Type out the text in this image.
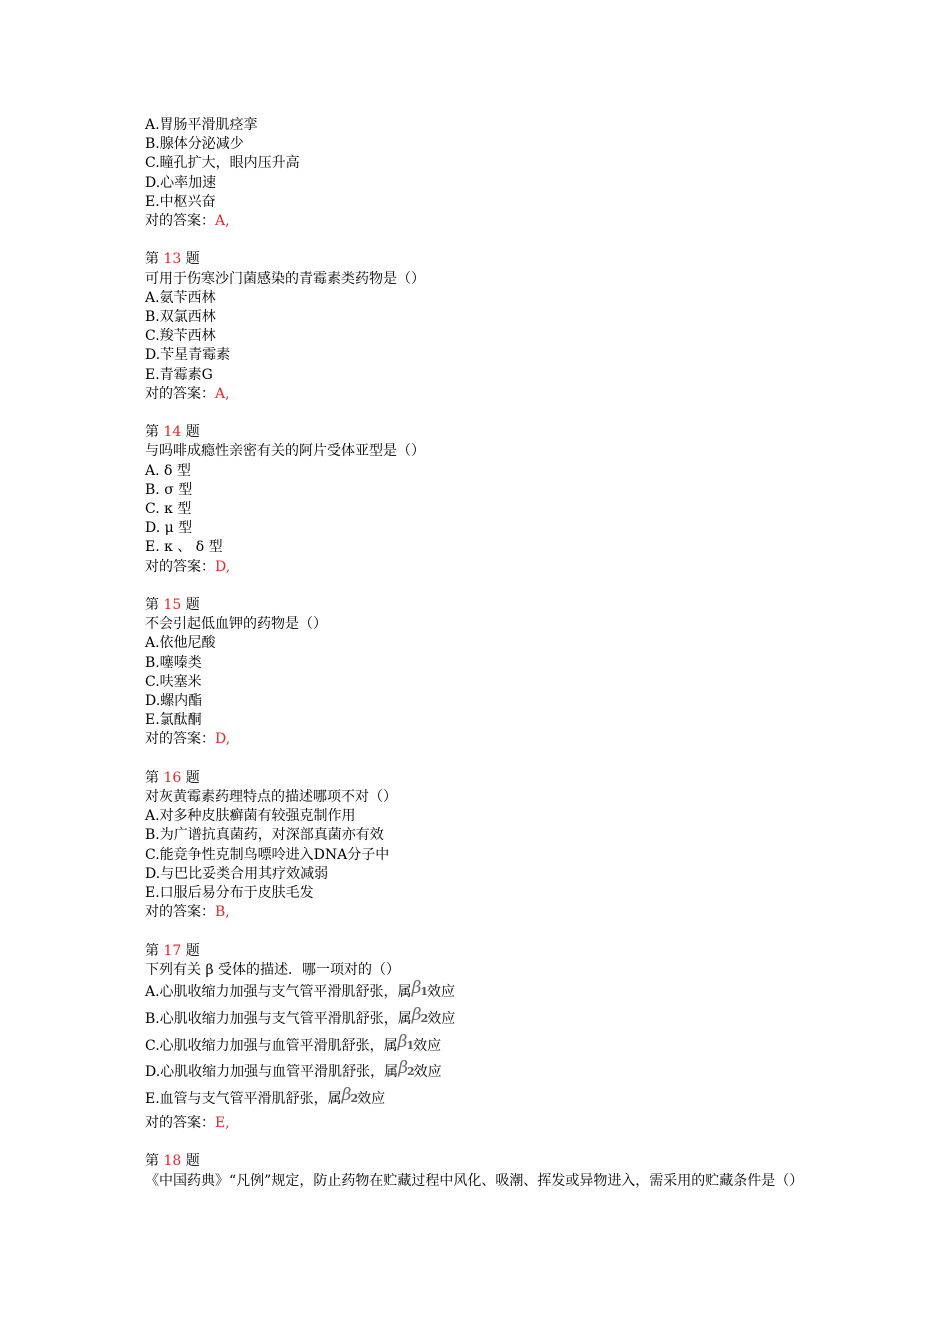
A.胃肠平滑肌痉挛
B.腺体分泌减少
C.瞳孔扩大，眼内压升高
D.心率加速
E.中枢兴奋
对的答案：A,
第 13 题
可用于伤寒沙门菌感染的青霉素类药物是（）
A.氨苄西林
B.双氯西林
C.羧苄西林
D.苄星青霉素
E.青霉素G
对的答案：A,
第 14 题
与吗啡成瘾性亲密有关的阿片受体亚型是（）
A. δ 型
B. σ 型
C. κ 型
D. μ 型
E. κ 、 δ 型
对的答案：D,
第 15 题
不会引起低血钾的药物是（）
A.依他尼酸
B.噻嗪类
C.呋塞米
D.螺内酯
E.氯酞酮
对的答案：D,
第 16 题
对灰黄霉素药理特点的描述哪项不对（）
A.对多种皮肤癣菌有较强克制作用
B.为广谱抗真菌药，对深部真菌亦有效
C.能竞争性克制鸟嘌呤进入DNA分子中
D.与巴比妥类合用其疗效减弱
E.口服后易分布于皮肤毛发
对的答案：B,
第 17 题
下列有关 β 受体的描述．哪一项对的（）
A.心肌收缩力加强与支气管平滑肌舒张，属$\beta_1$效应
B.心肌收缩力加强与支气管平滑肌舒张，属$\beta_2$效应
C.心肌收缩力加强与血管平滑肌舒张，属$\beta_1$效应
D.心肌收缩力加强与血管平滑肌舒张，属$\beta_2$效应
E.血管与支气管平滑肌舒张，属$\beta_2$效应
对的答案：E,
第 18 题
《中国药典》“凡例”规定，防止药物在贮藏过程中风化、吸潮、挥发或异物进入，需采用的贮藏条件是（）
